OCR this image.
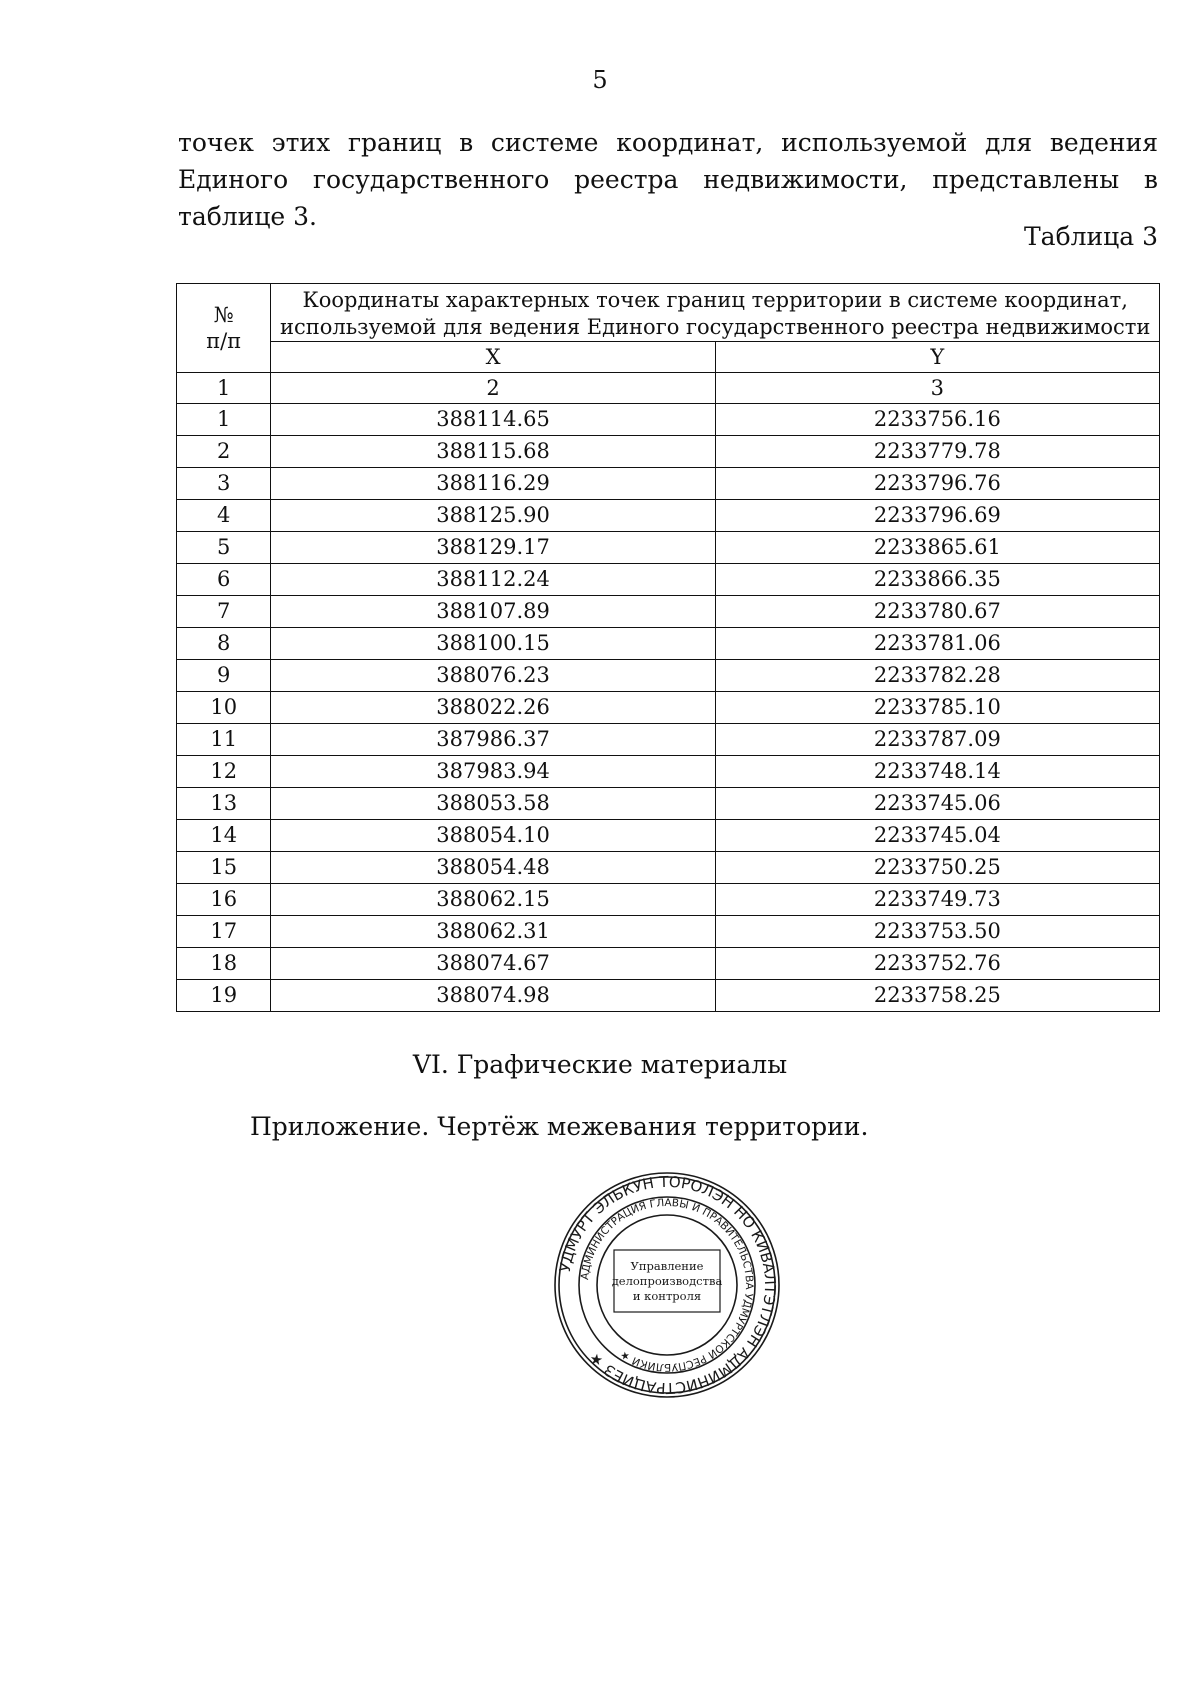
5
точек этих границ в системе координат, используемой для ведения Единого государственного реестра недвижимости, представлены в таблице 3.
Таблица 3
№
п/п	Координаты характерных точек границ территории в системе координат, используемой для ведения Единого государственного реестра недвижимости	
	X	Y
1	2	3
1	388114.65	2233756.16
2	388115.68	2233779.78
3	388116.29	2233796.76
4	388125.90	2233796.69
5	388129.17	2233865.61
6	388112.24	2233866.35
7	388107.89	2233780.67
8	388100.15	2233781.06
9	388076.23	2233782.28
10	388022.26	2233785.10
11	387986.37	2233787.09
12	387983.94	2233748.14
13	388053.58	2233745.06
14	388054.10	2233745.04
15	388054.48	2233750.25
16	388062.15	2233749.73
17	388062.31	2233753.50
18	388074.67	2233752.76
19	388074.98	2233758.25
VI. Графические материалы
Приложение. Чертёж межевания территории.
УДМУРТ ЭЛЬКУН ТОРОЛЭН НО КИВАЛТЭТЛЭН АДМИНИСТРАЦИЕЗ ★
АДМИНИСТРАЦИЯ ГЛАВЫ И ПРАВИТЕЛЬСТВА УДМУРТСКОЙ РЕСПУБЛИКИ ★
Управление
делопроизводства
и контроля
